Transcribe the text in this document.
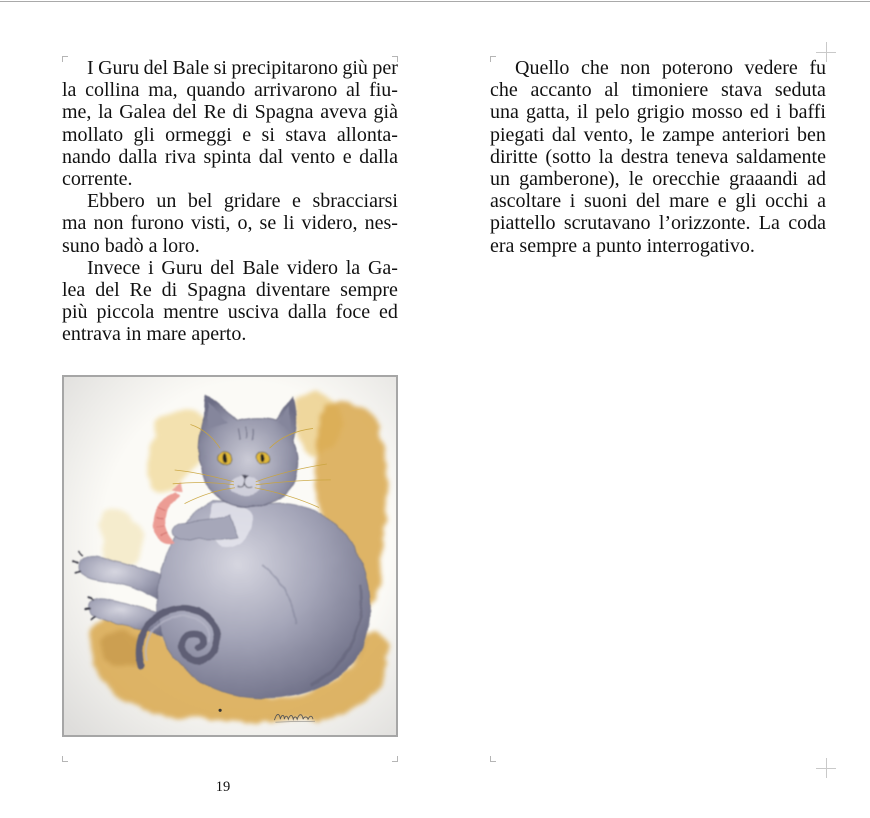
I Guru del Bale si precipitarono giù per
la collina ma, quando arrivarono al fiu-
me, la Galea del Re di Spagna aveva già
mollato gli ormeggi e si stava allonta-
nando dalla riva spinta dal vento e dalla
corrente.
Ebbero un bel gridare e sbracciarsi
ma non furono visti, o, se li videro, nes-
suno badò a loro.
Invece i Guru del Bale videro la Ga-
lea del Re di Spagna diventare sempre
più piccola mentre usciva dalla foce ed
entrava in mare aperto.
19
Quello che non poterono vedere fu
che accanto al timoniere stava seduta
una gatta, il pelo grigio mosso ed i baffi
piegati dal vento, le zampe anteriori ben
diritte (sotto la destra teneva saldamente
un gamberone), le orecchie graaandi ad
ascoltare i suoni del mare e gli occhi a
piattello scrutavano l’orizzonte. La coda
era sempre a punto interrogativo.
